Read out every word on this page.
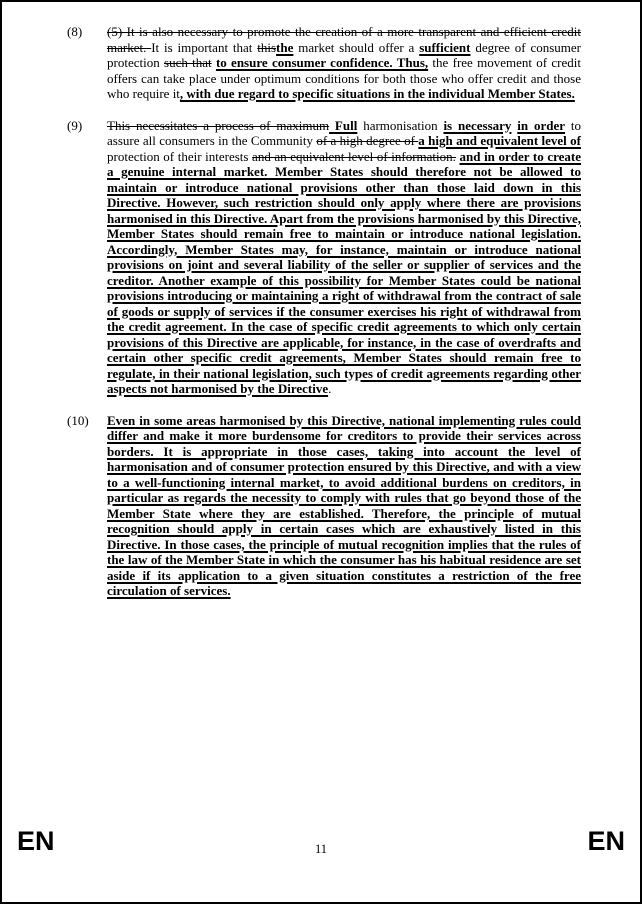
(8)	(5) It is also necessary to promote the creation of a more transparent and efficient credit market. It is important that thisthe market should offer a sufficient degree of consumer protection such that to ensure consumer confidence. Thus, the free movement of credit offers can take place under optimum conditions for both those who offer credit and those who require it, with due regard to specific situations in the individual Member States.
(9)	This necessitates a process of maximum Full harmonisation is necessary in order to assure all consumers in the Community of a high degree of a high and equivalent level of protection of their interests and an equivalent level of information. and in order to create a genuine internal market. Member States should therefore not be allowed to maintain or introduce national provisions other than those laid down in this Directive. However, such restriction should only apply where there are provisions harmonised in this Directive. Apart from the provisions harmonised by this Directive, Member States should remain free to maintain or introduce national legislation. Accordingly, Member States may, for instance, maintain or introduce national provisions on joint and several liability of the seller or supplier of services and the creditor. Another example of this possibility for Member States could be national provisions introducing or maintaining a right of withdrawal from the contract of sale of goods or supply of services if the consumer exercises his right of withdrawal from the credit agreement. In the case of specific credit agreements to which only certain provisions of this Directive are applicable, for instance, in the case of overdrafts and certain other specific credit agreements, Member States should remain free to regulate, in their national legislation, such types of credit agreements regarding other aspects not harmonised by the Directive.
(10)	Even in some areas harmonised by this Directive, national implementing rules could differ and make it more burdensome for creditors to provide their services across borders. It is appropriate in those cases, taking into account the level of harmonisation and of consumer protection ensured by this Directive, and with a view to a well-functioning internal market, to avoid additional burdens on creditors, in particular as regards the necessity to comply with rules that go beyond those of the Member State where they are established. Therefore, the principle of mutual recognition should apply in certain cases which are exhaustively listed in this Directive. In those cases, the principle of mutual recognition implies that the rules of the law of the Member State in which the consumer has his habitual residence are set aside if its application to a given situation constitutes a restriction of the free circulation of services.
EN	11	EN
